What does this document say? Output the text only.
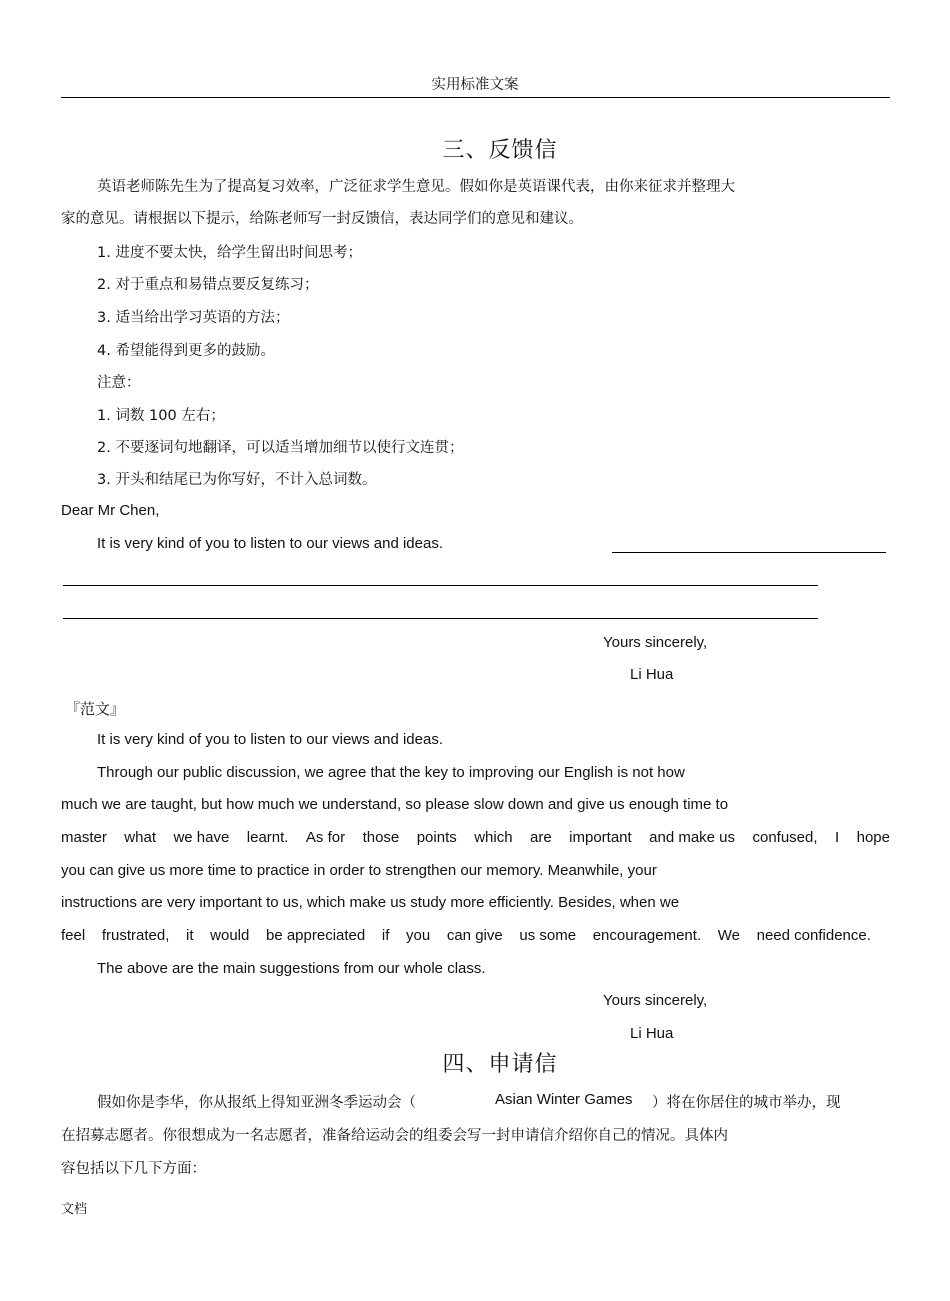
实用标准文案
三、反馈信
英语老师陈先生为了提高复习效率，广泛征求学生意见。假如你是英语课代表，由你来征求并整理大
家的意见。请根据以下提示，给陈老师写一封反馈信，表达同学们的意见和建议。
1. 进度不要太快，给学生留出时间思考；
2. 对于重点和易错点要反复练习；
3. 适当给出学习英语的方法；
4. 希望能得到更多的鼓励。
注意：
1. 词数 100 左右；
2. 不要逐词句地翻译，可以适当增加细节以使行文连贯；
3. 开头和结尾已为你写好，不计入总词数。
Dear Mr Chen,
It is very kind of you to listen to our views and ideas.
Yours sincerely,
Li Hua
『范文』
It is very kind of you to listen to our views and ideas.
Through our public discussion, we agree that the key to improving our English is not how
much we are taught, but how much we understand, so please slow down and give us enough time to
master what we have learnt. As for those points which are important and make us confused, I hope
you can give us more time to practice in order to strengthen our memory. Meanwhile, your
instructions are very important to us, which make us study more efficiently. Besides, when we
feel frustrated, it would be appreciated if you can give us some encouragement. We need confidence.
The above are the main suggestions from our whole class.
Yours sincerely,
Li Hua
四、申请信
假如你是李华，你从报纸上得知亚洲冬季运动会（	Asian Winter Games ）将在你居住的城市举办，现
在招募志愿者。你很想成为一名志愿者，准备给运动会的组委会写一封申请信介绍你自己的情况。具体内
容包括以下几下方面：
文档
